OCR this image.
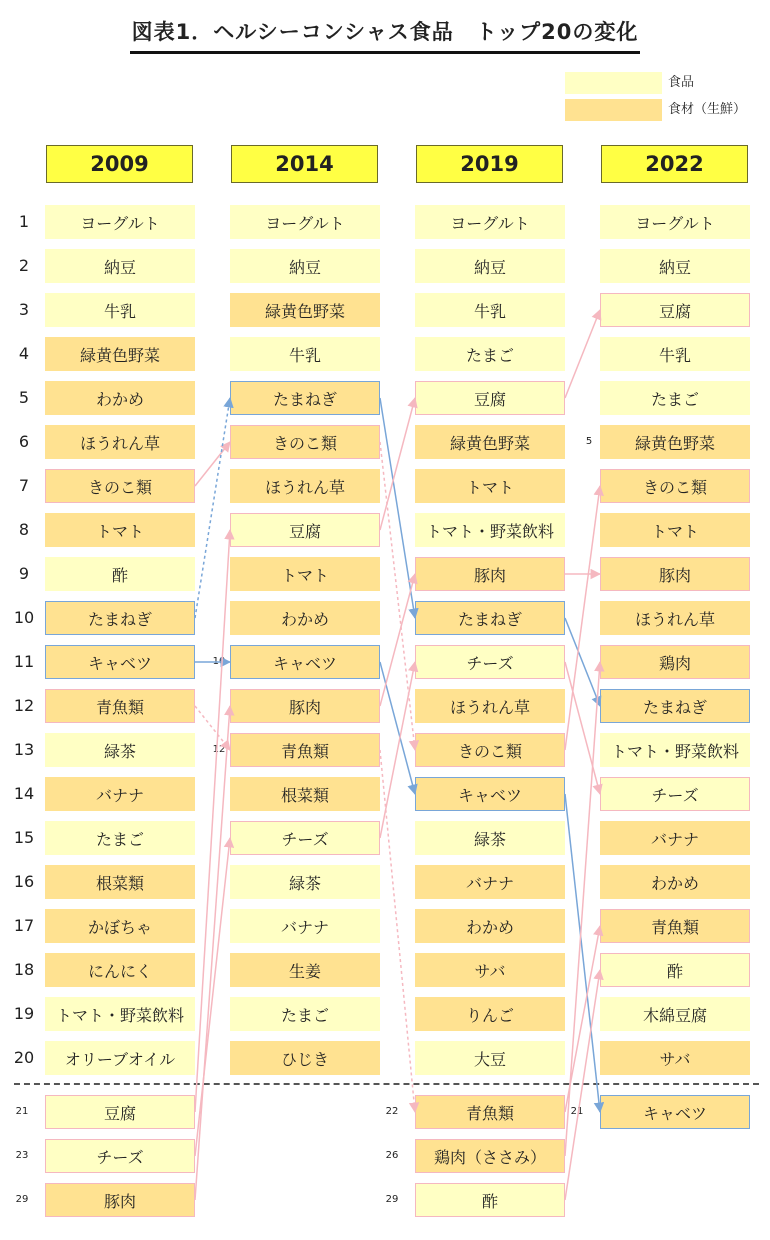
図表1．ヘルシーコンシャス食品　トップ20の変化
食品
食材（生鮮）
1
2
3
4
5
6
7
8
9
10
11
12
13
14
15
16
17
18
19
20
2009
ヨーグルト
納豆
牛乳
緑黄色野菜
わかめ
ほうれん草
きのこ類
トマト
酢
たまねぎ
キャベツ
青魚類
緑茶
バナナ
たまご
根菜類
かぼちゃ
にんにく
トマト・野菜飲料
オリーブオイル
豆腐
21
チーズ
23
豚肉
29
2014
ヨーグルト
納豆
緑黄色野菜
牛乳
たまねぎ
きのこ類
ほうれん草
豆腐
トマト
わかめ
キャベツ
豚肉
青魚類
根菜類
チーズ
緑茶
バナナ
生姜
たまご
ひじき
2019
ヨーグルト
納豆
牛乳
たまご
豆腐
緑黄色野菜
トマト
トマト・野菜飲料
豚肉
たまねぎ
チーズ
ほうれん草
きのこ類
キャベツ
緑茶
バナナ
わかめ
サバ
りんご
大豆
青魚類
22
鶏肉（ささみ）
26
酢
29
2022
ヨーグルト
納豆
豆腐
牛乳
たまご
緑黄色野菜
きのこ類
トマト
豚肉
ほうれん草
鶏肉
たまねぎ
トマト・野菜飲料
チーズ
バナナ
わかめ
青魚類
酢
木綿豆腐
サバ
キャベツ
21
5
10
12
